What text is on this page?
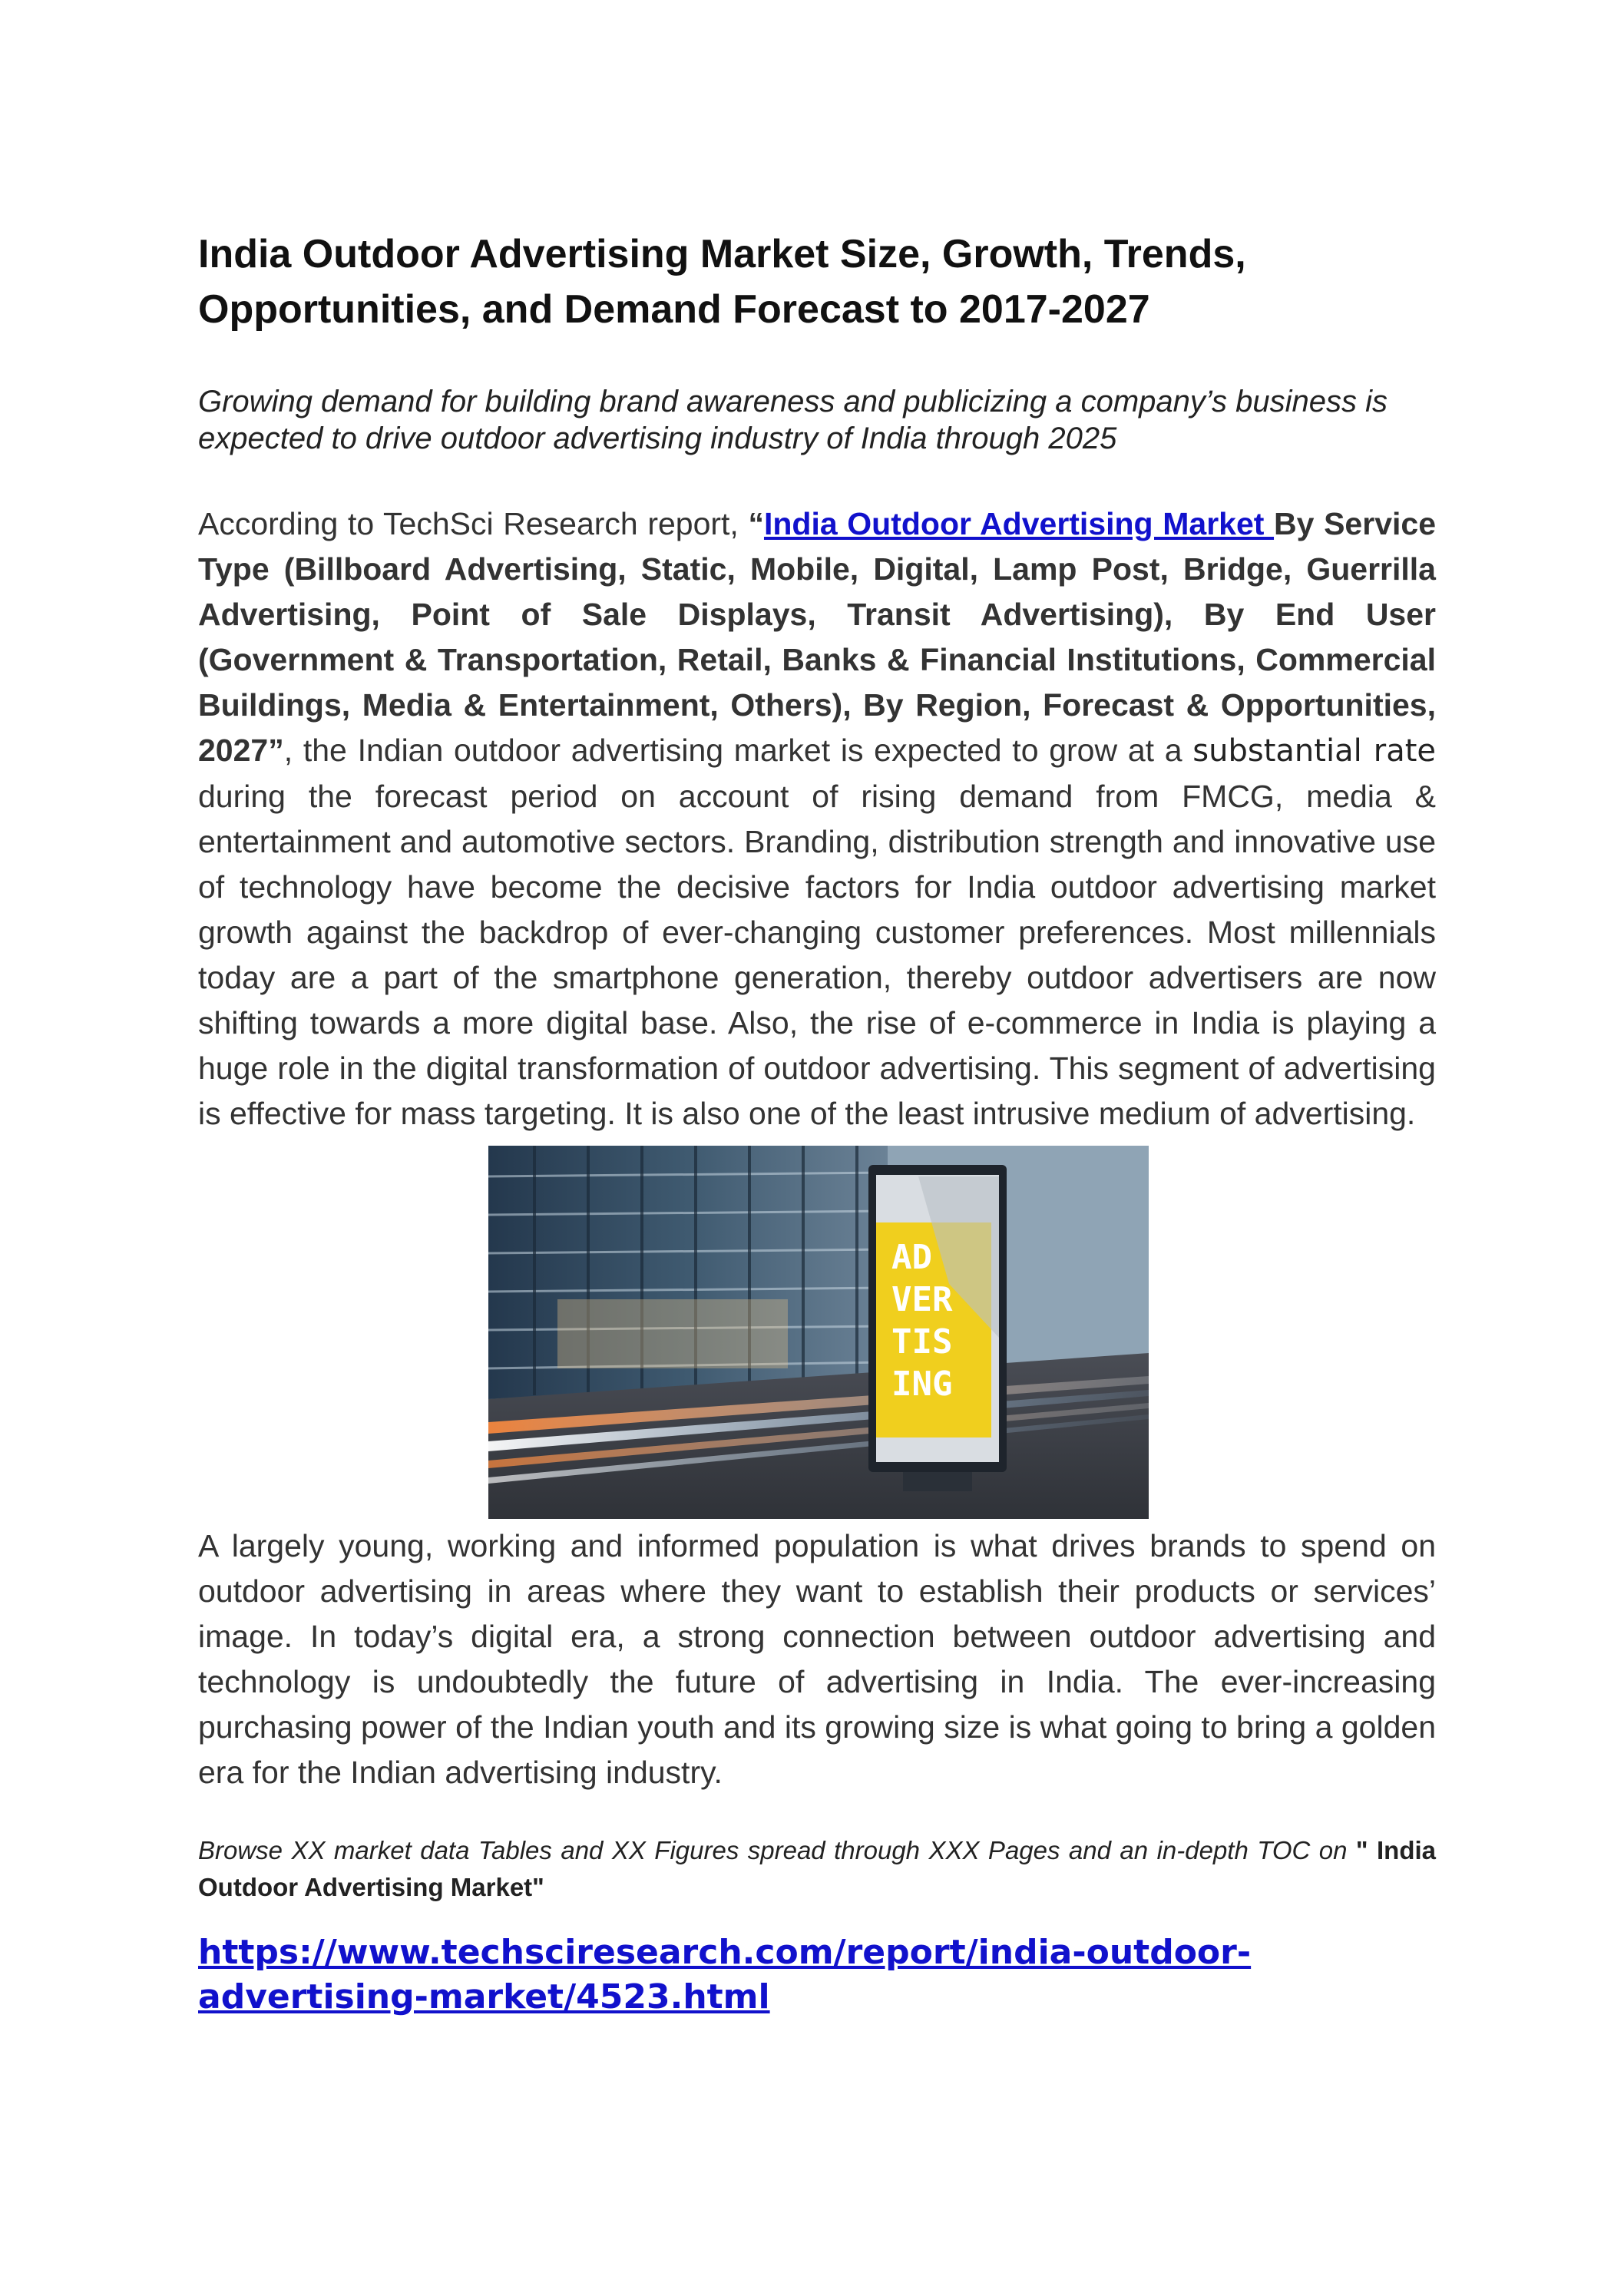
India Outdoor Advertising Market Size, Growth, Trends, Opportunities, and Demand Forecast to 2017-2027
Growing demand for building brand awareness and publicizing a company’s business is expected to drive outdoor advertising industry of India through 2025
According to TechSci Research report, “India Outdoor Advertising Market By Service Type (Billboard Advertising, Static, Mobile, Digital, Lamp Post, Bridge, Guerrilla Advertising, Point of Sale Displays, Transit Advertising), By End User (Government & Transportation, Retail, Banks & Financial Institutions, Commercial Buildings, Media & Entertainment, Others), By Region, Forecast & Opportunities, 2027”, the Indian outdoor advertising market is expected to grow at a substantial rate during the forecast period on account of rising demand from FMCG, media & entertainment and automotive sectors. Branding, distribution strength and innovative use of technology have become the decisive factors for India outdoor advertising market growth against the backdrop of ever-changing customer preferences. Most millennials today are a part of the smartphone generation, thereby outdoor advertisers are now shifting towards a more digital base. Also, the rise of e-commerce in India is playing a huge role in the digital transformation of outdoor advertising. This segment of advertising is effective for mass targeting. It is also one of the least intrusive medium of advertising.
AD
VER
TIS
ING
A largely young, working and informed population is what drives brands to spend on outdoor advertising in areas where they want to establish their products or services’ image. In today’s digital era, a strong connection between outdoor advertising and technology is undoubtedly the future of advertising in India. The ever-increasing purchasing power of the Indian youth and its growing size is what going to bring a golden era for the Indian advertising industry.
Browse XX market data Tables and XX Figures spread through XXX Pages and an in-depth TOC on " India Outdoor Advertising Market"
https://www.techsciresearch.com/report/india-outdoor-advertising-market/4523.html
